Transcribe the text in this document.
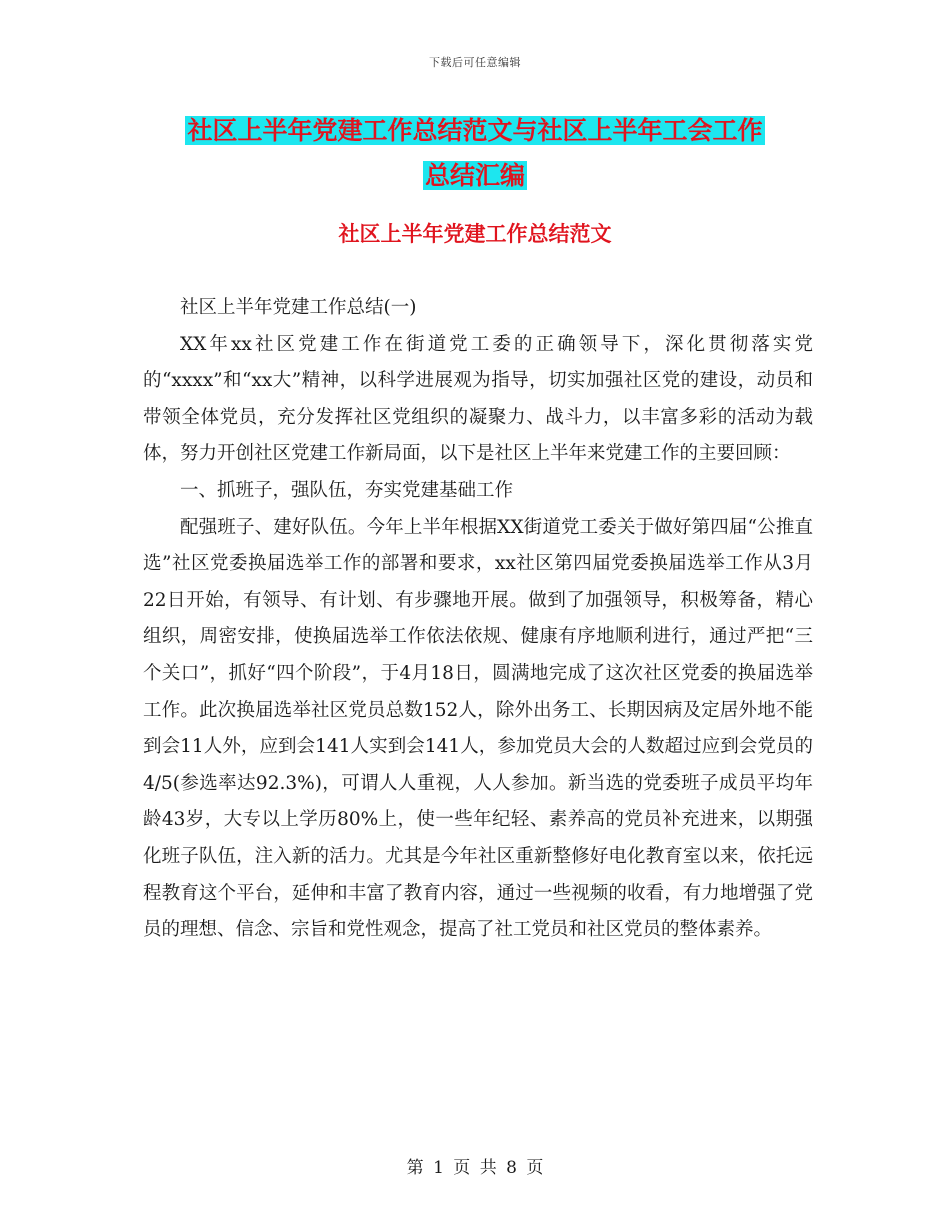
下载后可任意编辑
社区上半年党建工作总结范文与社区上半年工会工作
总结汇编
社区上半年党建工作总结范文

社区上半年党建工作总结(一)

XX年xx社区党建工作在街道党工委的正确领导下，深化贯彻落实党的“xxxx”和“xx大”精神，以科学进展观为指导，切实加强社区党的建设，动员和带领全体党员，充分发挥社区党组织的凝聚力、战斗力，以丰富多彩的活动为载体，努力开创社区党建工作新局面，以下是社区上半年来党建工作的主要回顾：

一、抓班子，强队伍，夯实党建基础工作

配强班子、建好队伍。今年上半年根据XX街道党工委关于做好第四届“公推直选”社区党委换届选举工作的部署和要求，xx社区第四届党委换届选举工作从3月22日开始，有领导、有计划、有步骤地开展。做到了加强领导，积极筹备，精心组织，周密安排，使换届选举工作依法依规、健康有序地顺利进行，通过严把“三个关口”，抓好“四个阶段”，于4月18日，圆满地完成了这次社区党委的换届选举工作。此次换届选举社区党员总数152人，除外出务工、长期因病及定居外地不能到会11人外，应到会141人实到会141人，参加党员大会的人数超过应到会党员的4/5(参选率达92.3%)，可谓人人重视，人人参加。新当选的党委班子成员平均年龄43岁，大专以上学历80%上，使一些年纪轻、素养高的党员补充进来，以期强化班子队伍，注入新的活力。尤其是今年社区重新整修好电化教育室以来，依托远程教育这个平台，延伸和丰富了教育内容，通过一些视频的收看，有力地增强了党员的理想、信念、宗旨和党性观念，提高了社工党员和社区党员的整体素养。

第 1 页 共 8 页
